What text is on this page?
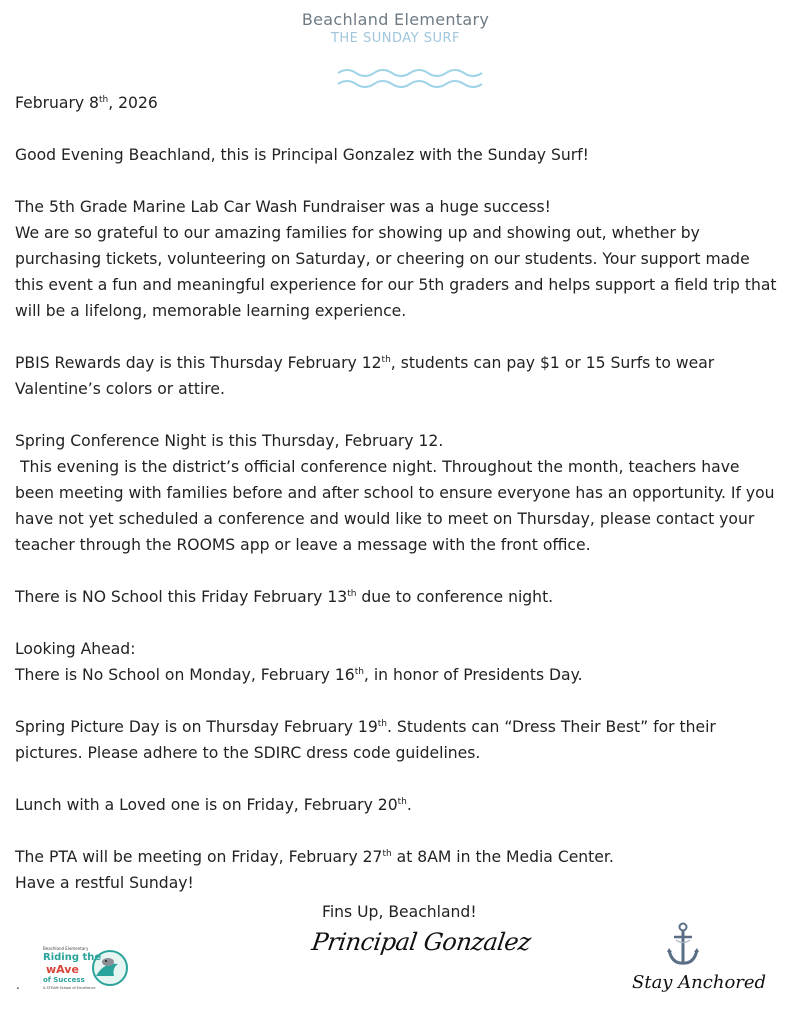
Beachland Elementary
THE SUNDAY SURF

February 8th, 2026

Good Evening Beachland, this is Principal Gonzalez with the Sunday Surf!

The 5th Grade Marine Lab Car Wash Fundraiser was a huge success!
We are so grateful to our amazing families for showing up and showing out, whether by purchasing tickets, volunteering on Saturday, or cheering on our students. Your support made this event a fun and meaningful experience for our 5th graders and helps support a field trip that will be a lifelong, memorable learning experience.

PBIS Rewards day is this Thursday February 12th, students can pay $1 or 15 Surfs to wear Valentine’s colors or attire.

Spring Conference Night is this Thursday, February 12.
This evening is the district’s official conference night. Throughout the month, teachers have been meeting with families before and after school to ensure everyone has an opportunity. If you have not yet scheduled a conference and would like to meet on Thursday, please contact your teacher through the ROOMS app or leave a message with the front office.

There is NO School this Friday February 13th due to conference night.

Looking Ahead:
There is No School on Monday, February 16th, in honor of Presidents Day.

Spring Picture Day is on Thursday February 19th. Students can “Dress Their Best” for their pictures. Please adhere to the SDIRC dress code guidelines.

Lunch with a Loved one is on Friday, February 20th.

The PTA will be meeting on Friday, February 27th at 8AM in the Media Center.
Have a restful Sunday!

Fins Up, Beachland!
Principal Gonzalez
Stay Anchored
Beachland Elementary
Riding the
wAve
of Success
A STEAM School of Excellence
.
